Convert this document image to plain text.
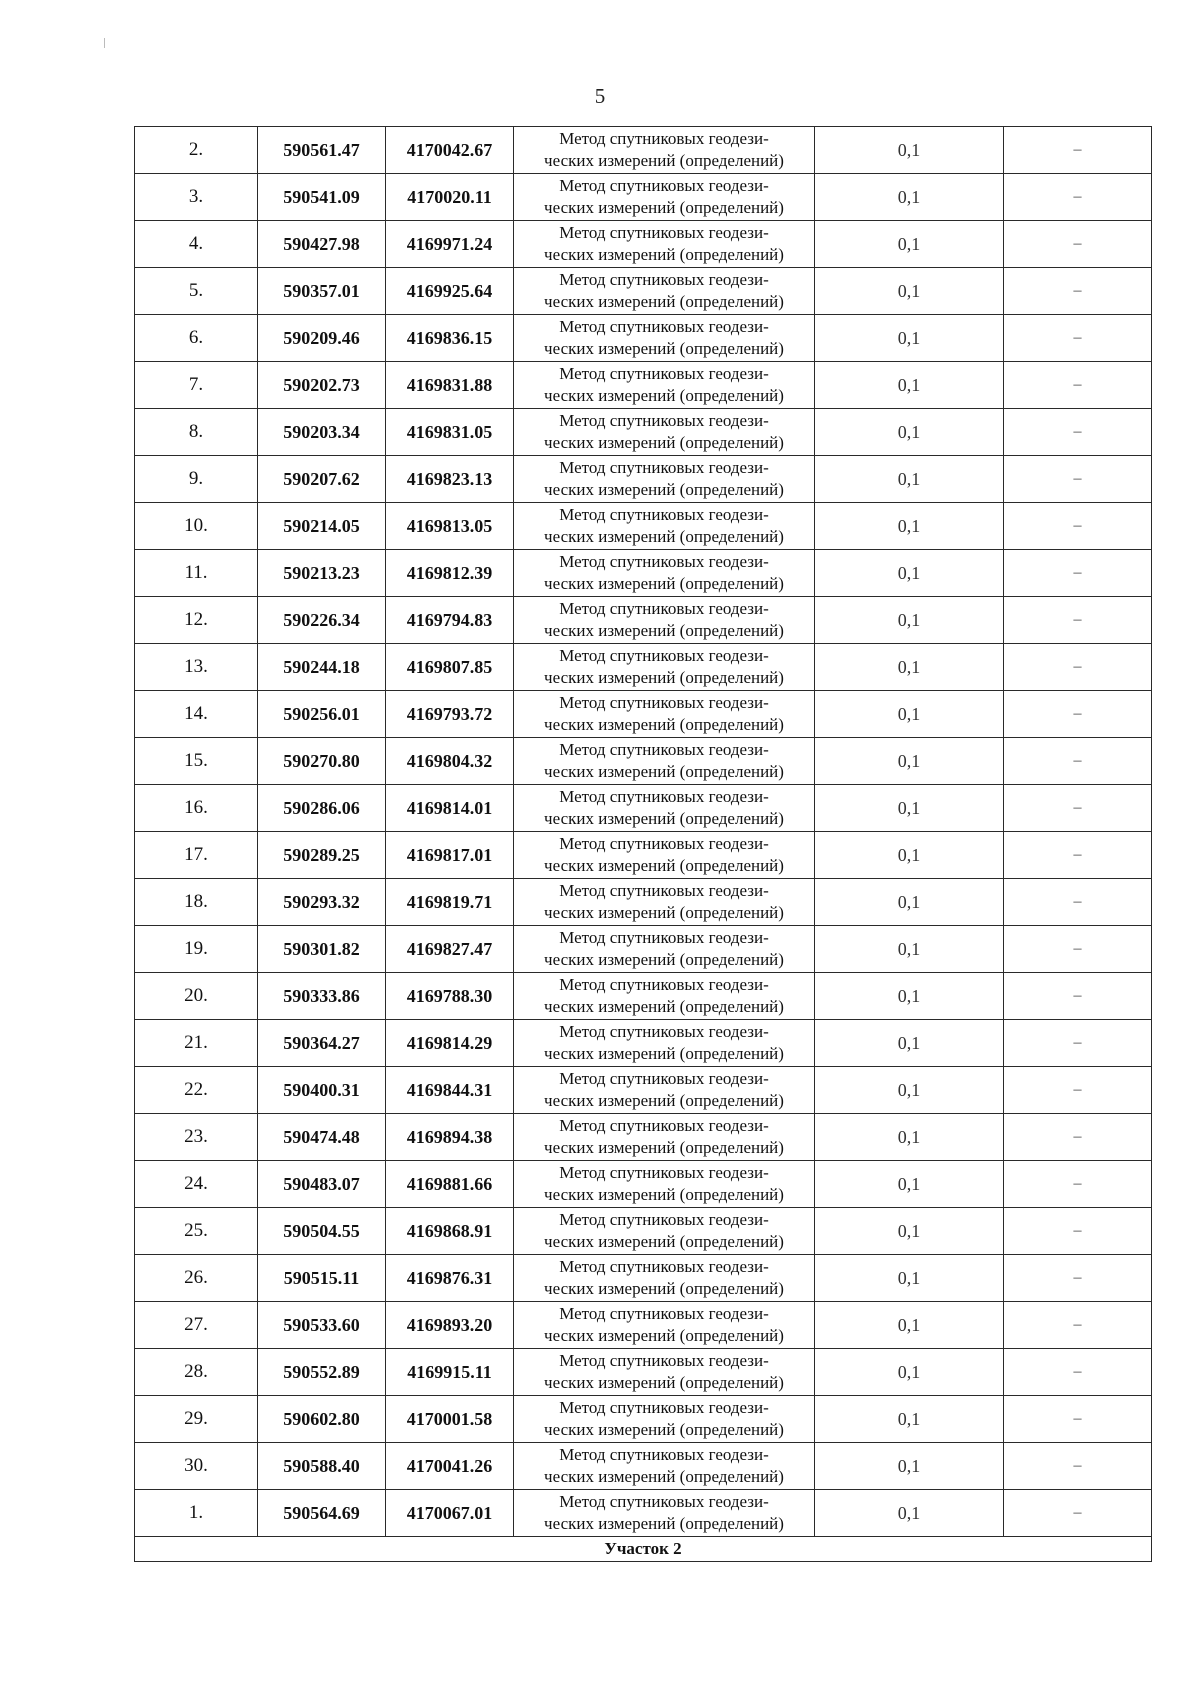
5
2.	590561.47	4170042.67	Метод спутниковых геодези-
ческих измерений (определений)	0,1	–
3.	590541.09	4170020.11	Метод спутниковых геодези-
ческих измерений (определений)	0,1	–
4.	590427.98	4169971.24	Метод спутниковых геодези-
ческих измерений (определений)	0,1	–
5.	590357.01	4169925.64	Метод спутниковых геодези-
ческих измерений (определений)	0,1	–
6.	590209.46	4169836.15	Метод спутниковых геодези-
ческих измерений (определений)	0,1	–
7.	590202.73	4169831.88	Метод спутниковых геодези-
ческих измерений (определений)	0,1	–
8.	590203.34	4169831.05	Метод спутниковых геодези-
ческих измерений (определений)	0,1	–
9.	590207.62	4169823.13	Метод спутниковых геодези-
ческих измерений (определений)	0,1	–
10.	590214.05	4169813.05	Метод спутниковых геодези-
ческих измерений (определений)	0,1	–
11.	590213.23	4169812.39	Метод спутниковых геодези-
ческих измерений (определений)	0,1	–
12.	590226.34	4169794.83	Метод спутниковых геодези-
ческих измерений (определений)	0,1	–
13.	590244.18	4169807.85	Метод спутниковых геодези-
ческих измерений (определений)	0,1	–
14.	590256.01	4169793.72	Метод спутниковых геодези-
ческих измерений (определений)	0,1	–
15.	590270.80	4169804.32	Метод спутниковых геодези-
ческих измерений (определений)	0,1	–
16.	590286.06	4169814.01	Метод спутниковых геодези-
ческих измерений (определений)	0,1	–
17.	590289.25	4169817.01	Метод спутниковых геодези-
ческих измерений (определений)	0,1	–
18.	590293.32	4169819.71	Метод спутниковых геодези-
ческих измерений (определений)	0,1	–
19.	590301.82	4169827.47	Метод спутниковых геодези-
ческих измерений (определений)	0,1	–
20.	590333.86	4169788.30	Метод спутниковых геодези-
ческих измерений (определений)	0,1	–
21.	590364.27	4169814.29	Метод спутниковых геодези-
ческих измерений (определений)	0,1	–
22.	590400.31	4169844.31	Метод спутниковых геодези-
ческих измерений (определений)	0,1	–
23.	590474.48	4169894.38	Метод спутниковых геодези-
ческих измерений (определений)	0,1	–
24.	590483.07	4169881.66	Метод спутниковых геодези-
ческих измерений (определений)	0,1	–
25.	590504.55	4169868.91	Метод спутниковых геодези-
ческих измерений (определений)	0,1	–
26.	590515.11	4169876.31	Метод спутниковых геодези-
ческих измерений (определений)	0,1	–
27.	590533.60	4169893.20	Метод спутниковых геодези-
ческих измерений (определений)	0,1	–
28.	590552.89	4169915.11	Метод спутниковых геодези-
ческих измерений (определений)	0,1	–
29.	590602.80	4170001.58	Метод спутниковых геодези-
ческих измерений (определений)	0,1	–
30.	590588.40	4170041.26	Метод спутниковых геодези-
ческих измерений (определений)	0,1	–
1.	590564.69	4170067.01	Метод спутниковых геодези-
ческих измерений (определений)	0,1	–
Участок 2					
